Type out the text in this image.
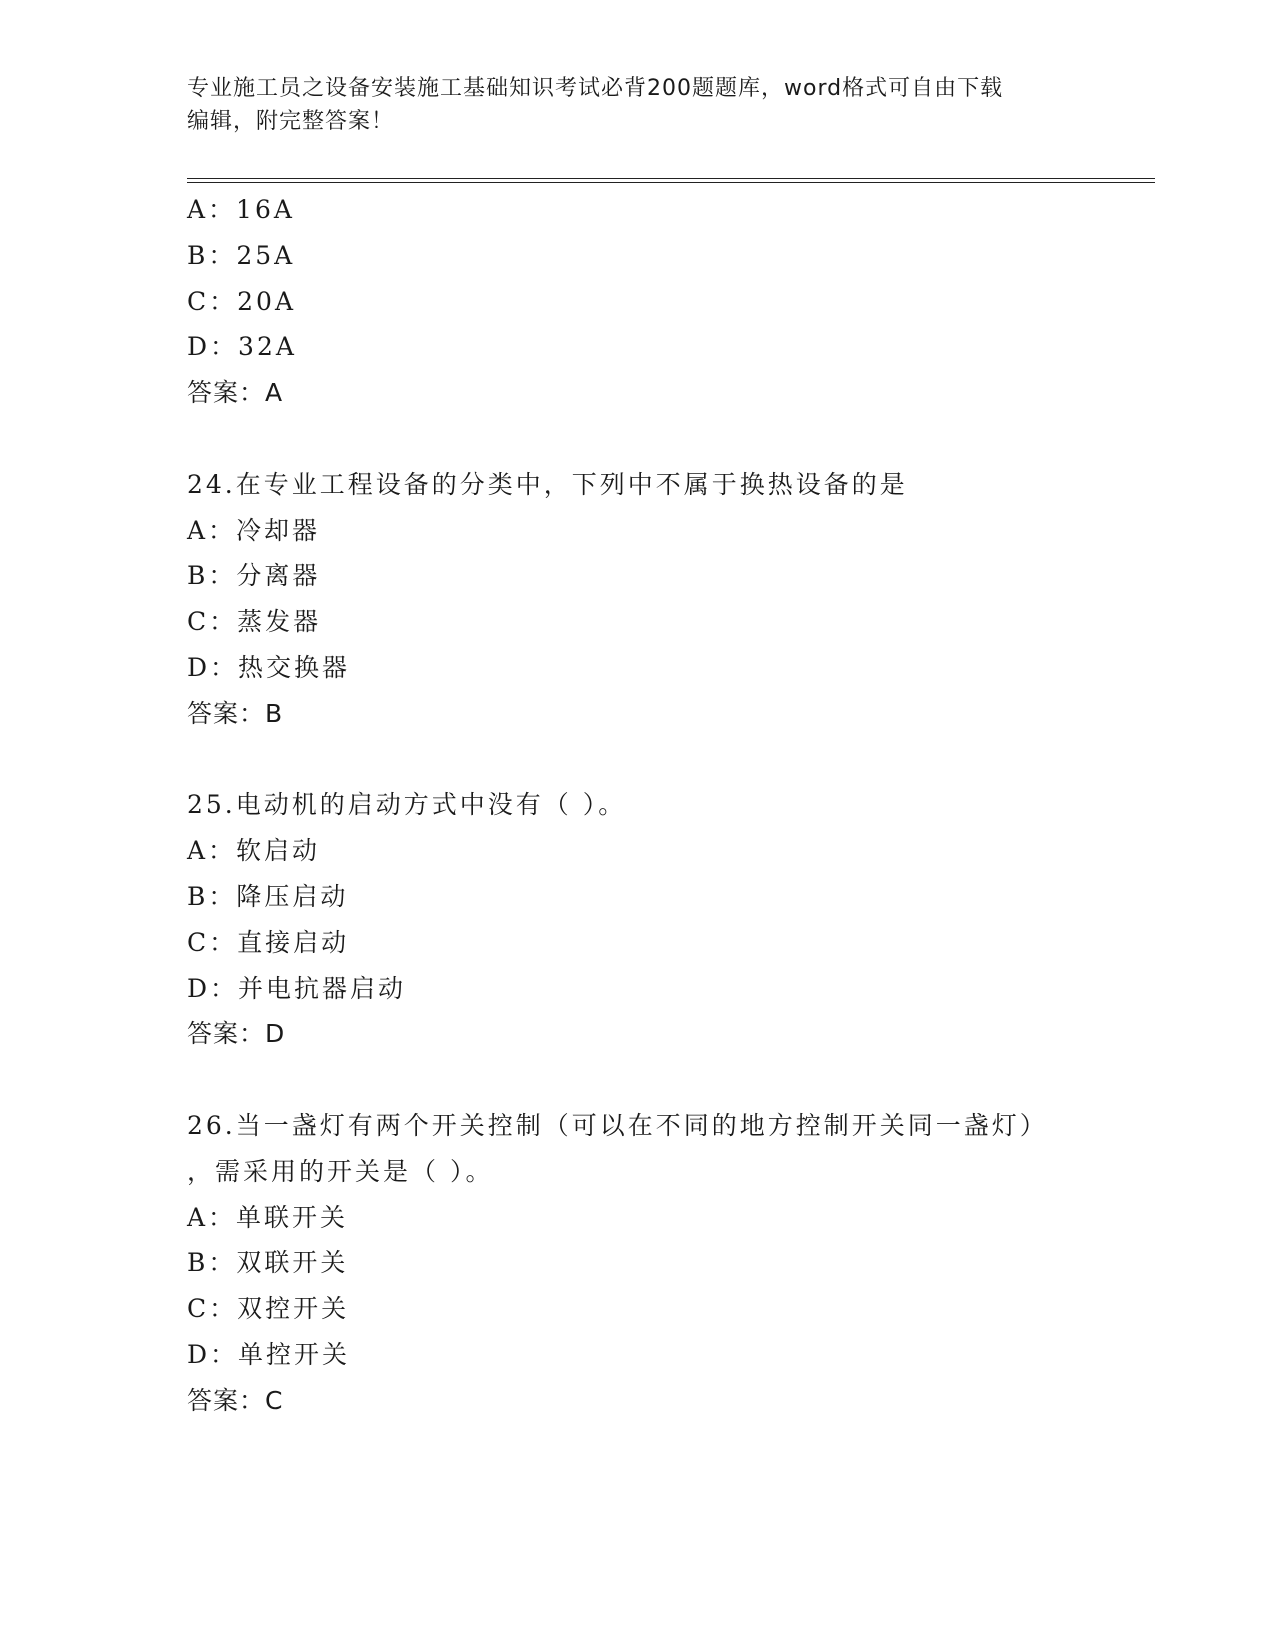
专业施工员之设备安装施工基础知识考试必背200题题库，word格式可自由下载
编辑，附完整答案！
A：16A
B：25A
C：20A
D：32A
答案：A
24.在专业工程设备的分类中，下列中不属于换热设备的是
A：冷却器
B：分离器
C：蒸发器
D：热交换器
答案：B
25.电动机的启动方式中没有（ ）。
A：软启动
B：降压启动
C：直接启动
D：并电抗器启动
答案：D
26.当一盏灯有两个开关控制（可以在不同的地方控制开关同一盏灯）
，需采用的开关是（ ）。
A：单联开关
B：双联开关
C：双控开关
D：单控开关
答案：C
